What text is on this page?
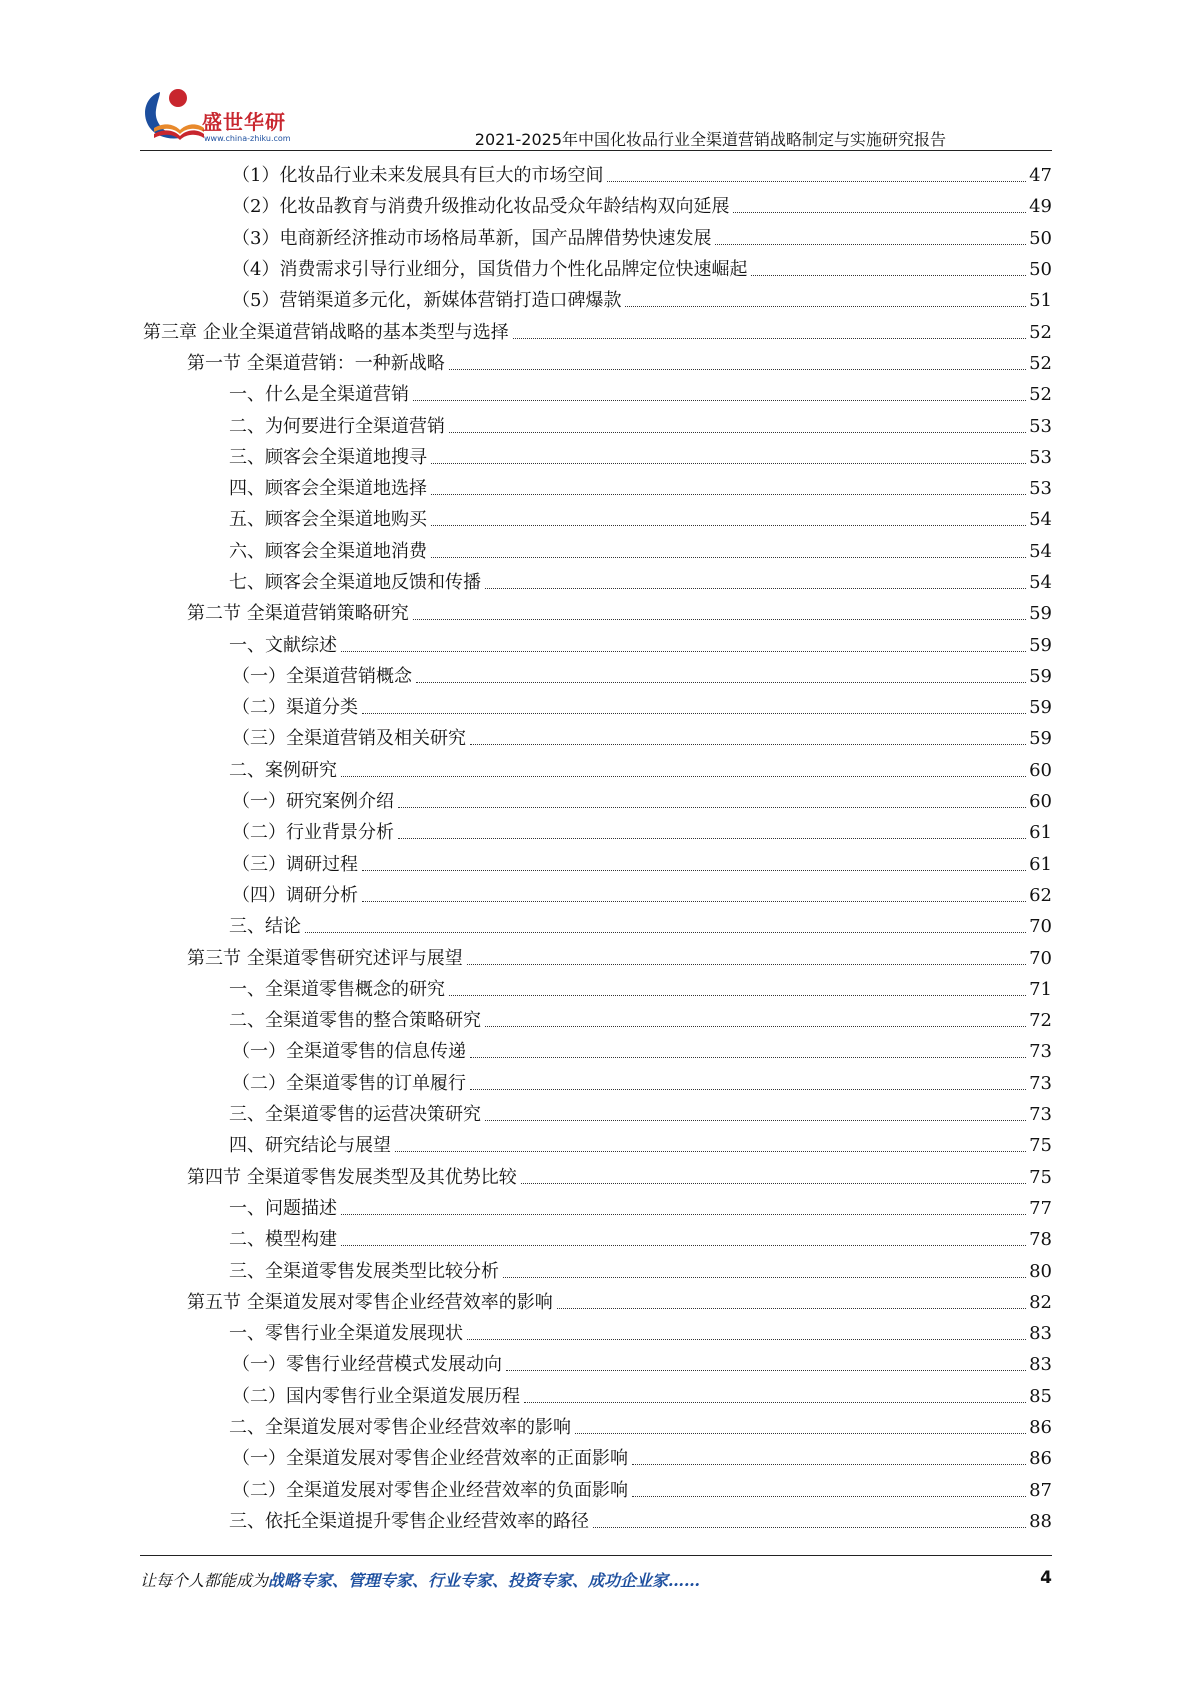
盛世华研
www.china-zhiku.com	2021-2025年中国化妆品行业全渠道营销战略制定与实施研究报告
（1）化妆品行业未来发展具有巨大的市场空间	47
（2）化妆品教育与消费升级推动化妆品受众年龄结构双向延展	49
（3）电商新经济推动市场格局革新，国产品牌借势快速发展	50
（4）消费需求引导行业细分，国货借力个性化品牌定位快速崛起	50
（5）营销渠道多元化，新媒体营销打造口碑爆款	51
第三章 企业全渠道营销战略的基本类型与选择	52
第一节 全渠道营销：一种新战略	52
一、什么是全渠道营销	52
二、为何要进行全渠道营销	53
三、顾客会全渠道地搜寻	53
四、顾客会全渠道地选择	53
五、顾客会全渠道地购买	54
六、顾客会全渠道地消费	54
七、顾客会全渠道地反馈和传播	54
第二节 全渠道营销策略研究	59
一、文献综述	59
（一）全渠道营销概念	59
（二）渠道分类	59
（三）全渠道营销及相关研究	59
二、案例研究	60
（一）研究案例介绍	60
（二）行业背景分析	61
（三）调研过程	61
（四）调研分析	62
三、结论	70
第三节 全渠道零售研究述评与展望	70
一、全渠道零售概念的研究	71
二、全渠道零售的整合策略研究	72
（一）全渠道零售的信息传递	73
（二）全渠道零售的订单履行	73
三、全渠道零售的运营决策研究	73
四、研究结论与展望	75
第四节 全渠道零售发展类型及其优势比较	75
一、问题描述	77
二、模型构建	78
三、全渠道零售发展类型比较分析	80
第五节 全渠道发展对零售企业经营效率的影响	82
一、零售行业全渠道发展现状	83
（一）零售行业经营模式发展动向	83
（二）国内零售行业全渠道发展历程	85
二、全渠道发展对零售企业经营效率的影响	86
（一）全渠道发展对零售企业经营效率的正面影响	86
（二）全渠道发展对零售企业经营效率的负面影响	87
三、依托全渠道提升零售企业经营效率的路径	88
让每个人都能成为战略专家、管理专家、行业专家、投资专家、成功企业家……	4
